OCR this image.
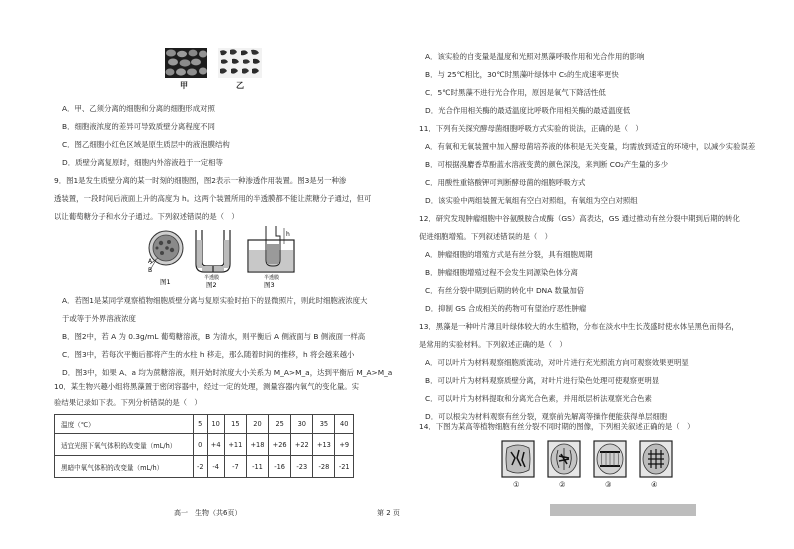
甲	乙
A．甲、乙须分离的细胞和分离的细胞形成对照
B．细胞液浓度的差异可导致质壁分离程度不同
C．图乙细胞小红色区域是原生质层中的液泡膜结构
D．质壁分离复原时，细胞内外溶液趋于一定相等
9．图1是发生质壁分离的某一时刻的细胞图，图2表示一种渗透作用装置。图3是另一种渗
透装置，一段时间后液面上升的高度为 h。这两个装置所用的半透膜都不能让蔗糖分子通过，但可
以让葡萄糖分子和水分子通过。下列叙述错误的是（　）
A
B
图1	半透膜
图2
h
半透膜
图3
A．若图1是某同学观察植物细胞质壁分离与复原实验时拍下的显微照片，则此时细胞液浓度大
于或等于外界溶液浓度
B．图2中，若 A 为 0.3g/mL 葡萄糖溶液，B 为清水，则平衡后 A 侧液面与 B 侧液面一样高
C．图3中，若每次平衡后都将产生的水柱 h 移走，那么随着时间的推移，h 将会越来越小
D．图3中，如果 A、a 均为蔗糖溶液，则开始时浓度大小关系为 M_A>M_a，达到平衡后 M_A>M_a
10．某生物兴趣小组将黑藻置于密闭容器中，经过一定的处理，测量容器内氧气的变化量。实
验结果记录如下表。下列分析错误的是（　）
温度（℃）	5	10	15	20	25	30	35	40
适宜光照下氧气体积的改变量（mL/h）	0	+4	+11	+18	+26	+22	+13	+9
黑暗中氧气体积的改变量（mL/h）	-2	-4	-7	-11	-16	-23	-28	-21
高一　生物（共6页）
A．该实验的自变量是温度和光照对黑藻呼吸作用和光合作用的影响
B．与 25℃相比，30℃时黑藻叶绿体中 C₅的生成速率更快
C．5℃时黑藻不进行光合作用，原因是氧气下降活性低
D．光合作用相关酶的最适温度比呼吸作用相关酶的最适温度低
11．下列有关探究酵母菌细胞呼吸方式实验的说法，正确的是（　）
A．有氧和无氧装置中加入酵母菌培养液的体积是无关变量，均需放到适宜的环境中，以减少实验误差
B．可根据溴麝香草酚蓝水溶液变黄的颜色深浅，来判断 CO₂产生量的多少
C．用酸性重铬酸钾可判断酵母菌的细胞呼吸方式
D．该实验中两组装置无氧组有空白对照组，有氧组为空白对照组
12．研究发现肿瘤细胞中谷氨酰胺合成酶（GS）高表达，GS 通过推动有丝分裂中期到后期的转化
促进细胞增殖。下列叙述错误的是（　）
A．肿瘤细胞的增殖方式是有丝分裂，具有细胞周期
B．肿瘤细胞增殖过程不会发生同源染色体分离
C．有丝分裂中期到后期的转化中 DNA 数量加倍
D．抑制 GS 合成相关的药物可有望治疗恶性肿瘤
13．黑藻是一种叶片薄且叶绿体较大的水生植物，分布在淡水中生长茂盛时使水体呈黑色而得名，
是常用的实验材料。下列叙述正确的是（　）
A．可以叶片为材料观察细胞质流动，对叶片进行充光照流方向可观察效果更明显
B．可以叶片为材料观察质壁分离，对叶片进行染色处理可使观察更明显
C．可以叶片为材料提取和分离光合色素，并用纸层析法观察光合色素
D．可以根尖为材料观察有丝分裂，观察前先解离等操作便能获得单层细胞
14．下图为某高等植物细胞有丝分裂不同时期的图像，下列相关叙述正确的是（　）
①	②	③	④
第 2 页
